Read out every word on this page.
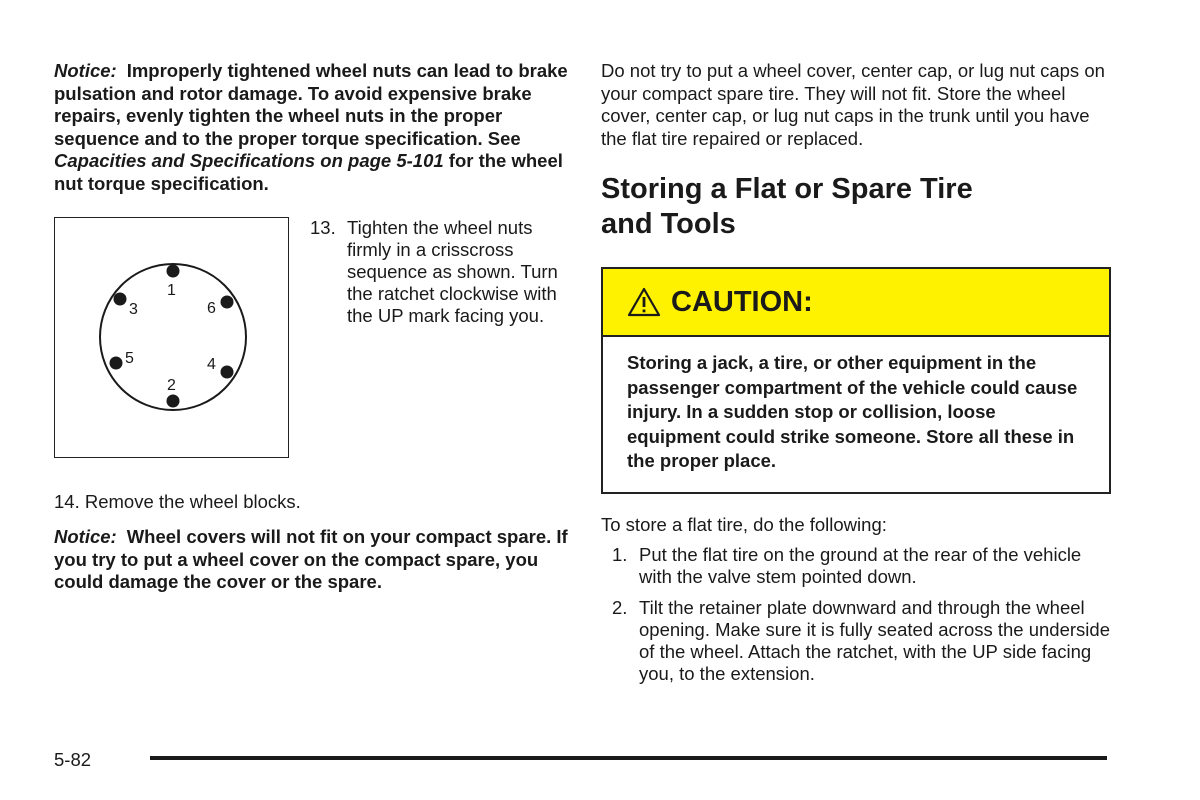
Notice: Improperly tightened wheel nuts can lead to brake pulsation and rotor damage. To avoid expensive brake repairs, evenly tighten the wheel nuts in the proper sequence and to the proper torque specification. See Capacities and Specifications on page 5-101 for the wheel nut torque specification.

1
2
3
4
5
6
13. Tighten the wheel nuts firmly in a crisscross sequence as shown. Turn the ratchet clockwise with the UP mark facing you.

14. Remove the wheel blocks.

Notice: Wheel covers will not fit on your compact spare. If you try to put a wheel cover on the compact spare, you could damage the cover or the spare.

Do not try to put a wheel cover, center cap, or lug nut caps on your compact spare tire. They will not fit. Store the wheel cover, center cap, or lug nut caps in the trunk until you have the flat tire repaired or replaced.

Storing a Flat or Spare Tire
and Tools
CAUTION:
Storing a jack, a tire, or other equipment in the passenger compartment of the vehicle could cause injury. In a sudden stop or collision, loose equipment could strike someone. Store all these in the proper place.

To store a flat tire, do the following:

1. Put the flat tire on the ground at the rear of the vehicle with the valve stem pointed down.
2. Tilt the retainer plate downward and through the wheel opening. Make sure it is fully seated across the underside of the wheel. Attach the ratchet, with the UP side facing you, to the extension.
5-82
